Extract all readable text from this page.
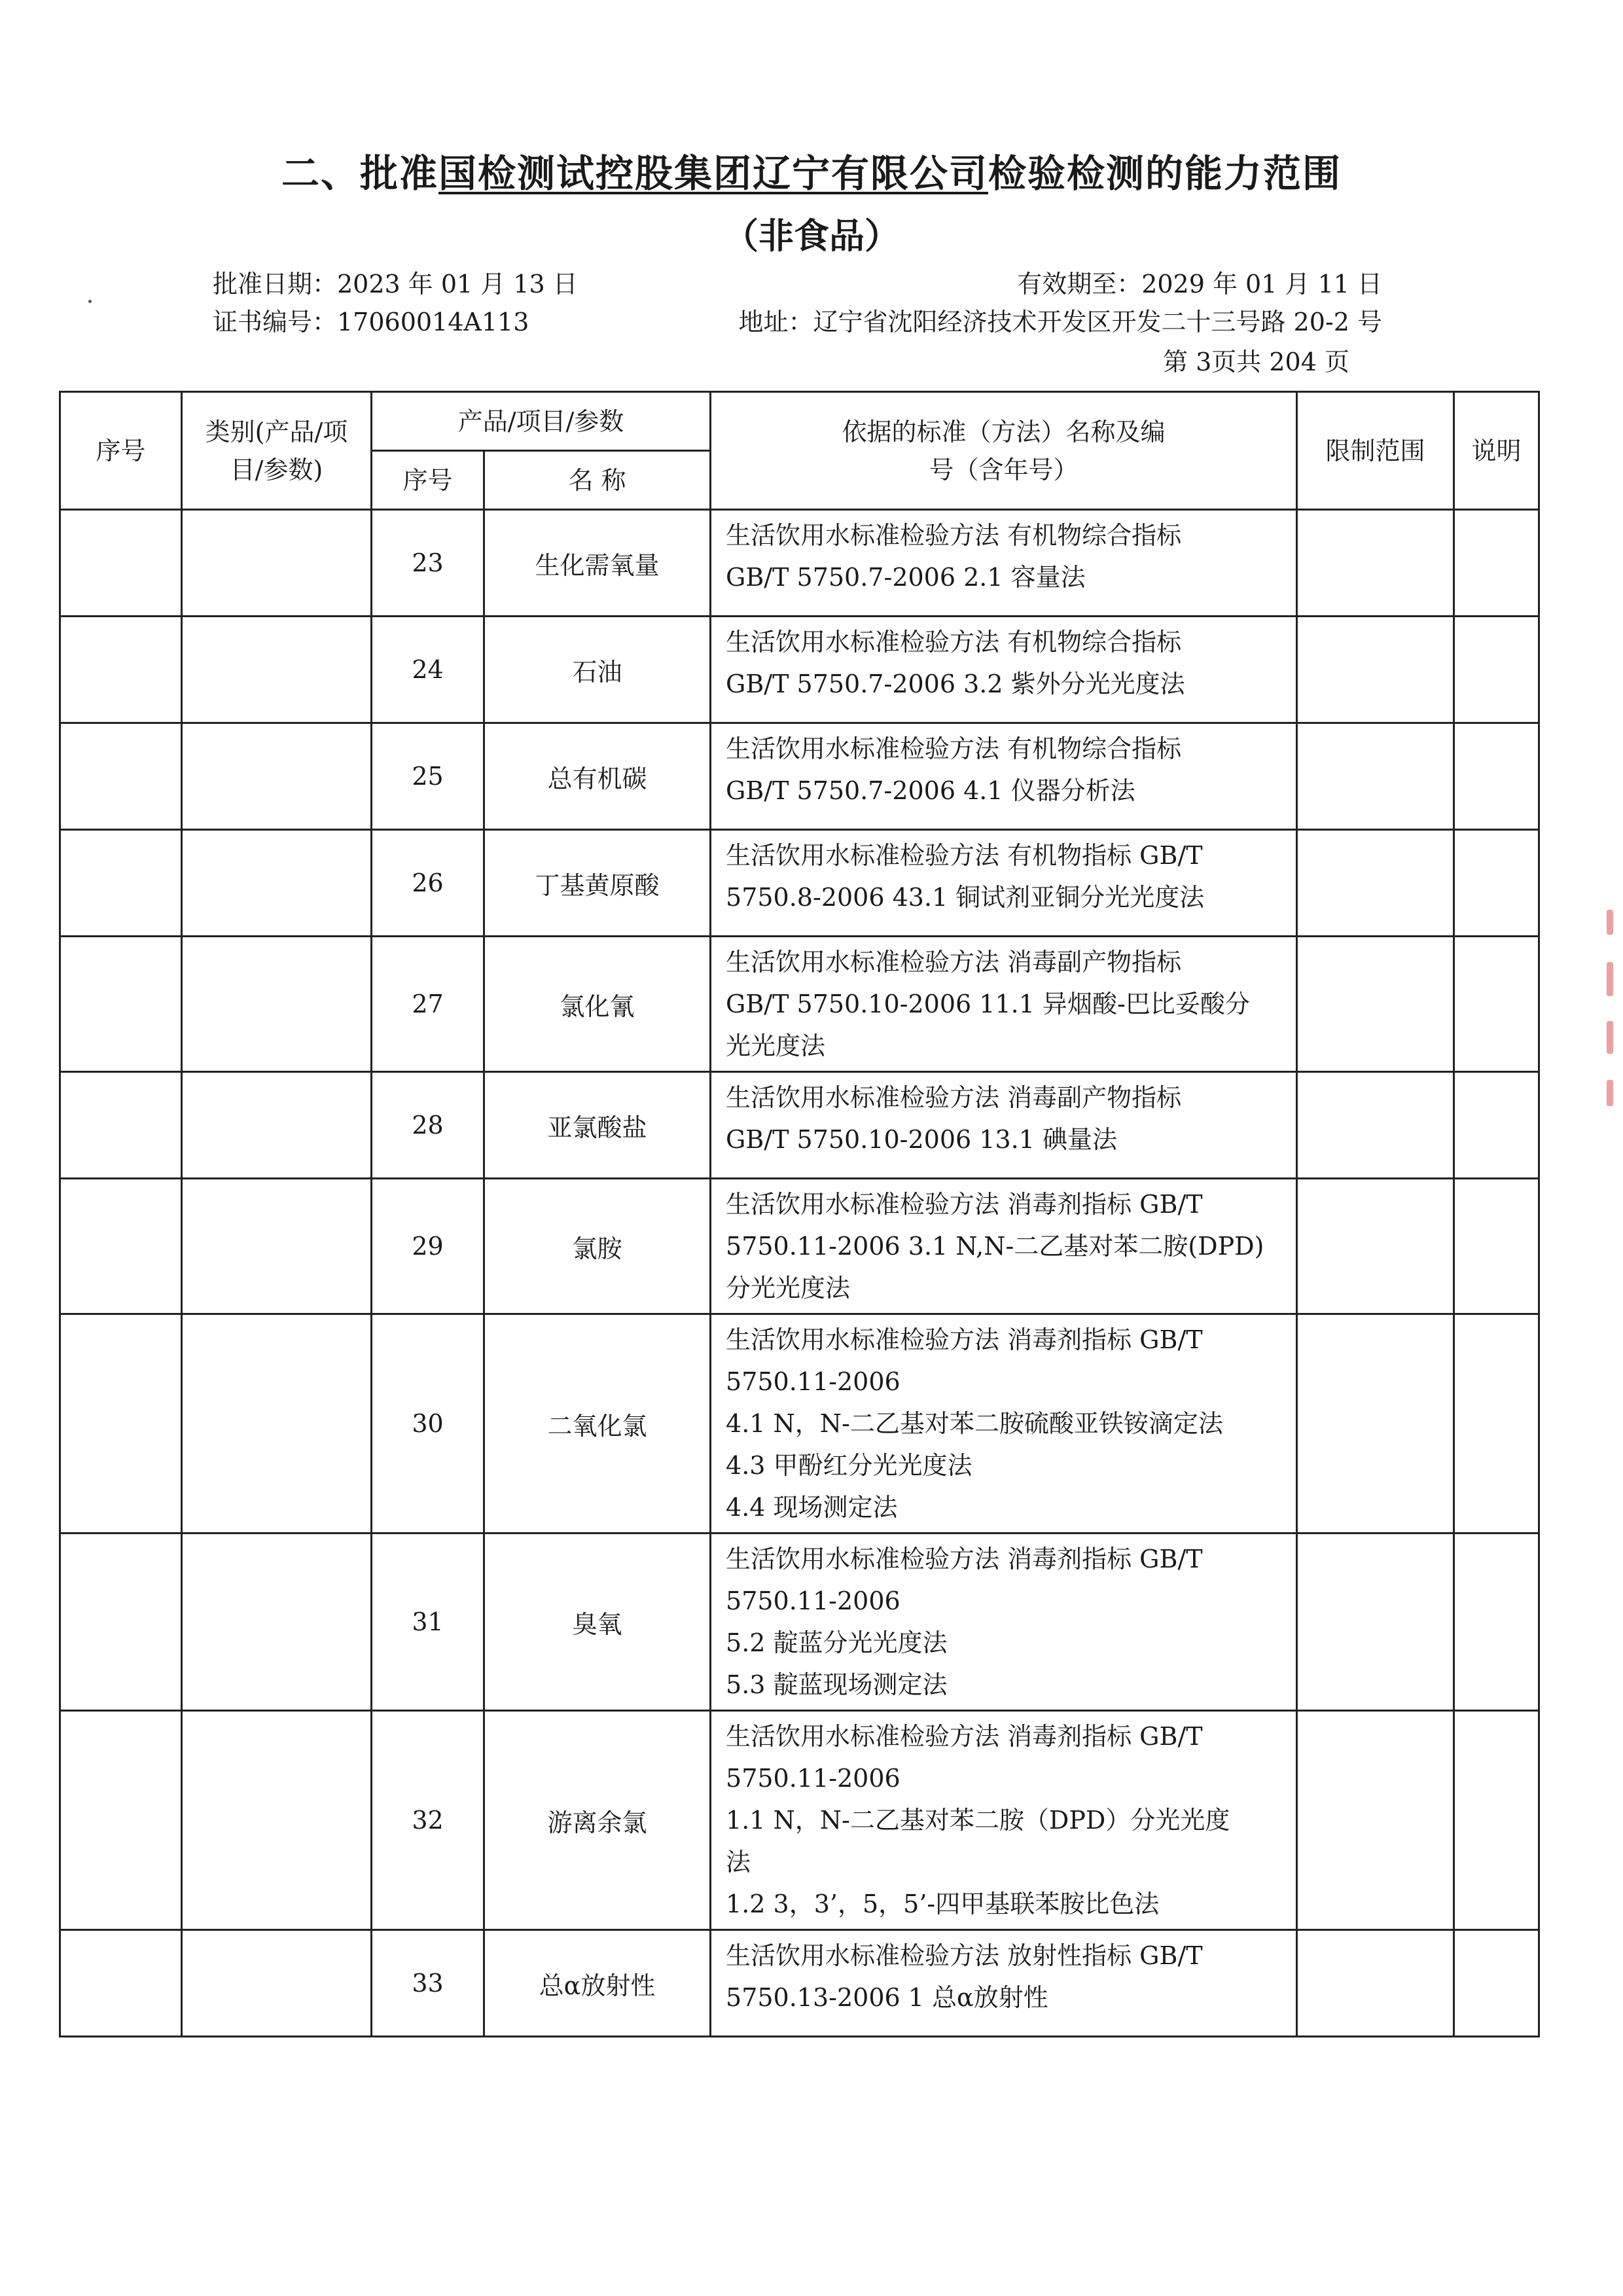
二、批准国检测试控股集团辽宁有限公司检验检测的能力范围
（非食品）
批准日期：2023 年 01 月 13 日	有效期至：2029 年 01 月 11 日
证书编号：17060014A113	地址：辽宁省沈阳经济技术开发区开发二十三号路 20-2 号
第 3页共 204 页
序号	类别(产品/项目/参数)	产品/项目/参数		依据的标准（方法）名称及编号（含年号）	限制范围	说明
		序号	名 称			
		23	生化需氧量	生活饮用水标准检验方法 有机物综合指标
GB/T 5750.7-2006 2.1 容量法		

		24	石油	生活饮用水标准检验方法 有机物综合指标
GB/T 5750.7-2006 3.2 紫外分光光度法		

		25	总有机碳	生活饮用水标准检验方法 有机物综合指标
GB/T 5750.7-2006 4.1 仪器分析法		

		26	丁基黄原酸	生活饮用水标准检验方法 有机物指标 GB/T
5750.8-2006 43.1 铜试剂亚铜分光光度法		

		27	氯化氰	生活饮用水标准检验方法 消毒副产物指标
GB/T 5750.10-2006 11.1 异烟酸-巴比妥酸分
光光度法		

		28	亚氯酸盐	生活饮用水标准检验方法 消毒副产物指标
GB/T 5750.10-2006 13.1 碘量法		

		29	氯胺	生活饮用水标准检验方法 消毒剂指标 GB/T
5750.11-2006 3.1 N,N-二乙基对苯二胺(DPD)
分光光度法		

		30	二氧化氯	生活饮用水标准检验方法 消毒剂指标 GB/T
5750.11-2006
4.1 N，N-二乙基对苯二胺硫酸亚铁铵滴定法
4.3 甲酚红分光光度法
4.4 现场测定法		

		31	臭氧	生活饮用水标准检验方法 消毒剂指标 GB/T
5750.11-2006
5.2 靛蓝分光光度法
5.3 靛蓝现场测定法		

		32	游离余氯	生活饮用水标准检验方法 消毒剂指标 GB/T
5750.11-2006
1.1 N，N-二乙基对苯二胺（DPD）分光光度
法
1.2 3，3’，5，5’-四甲基联苯胺比色法		

		33	总α放射性	生活饮用水标准检验方法 放射性指标 GB/T
5750.13-2006 1 总α放射性		
